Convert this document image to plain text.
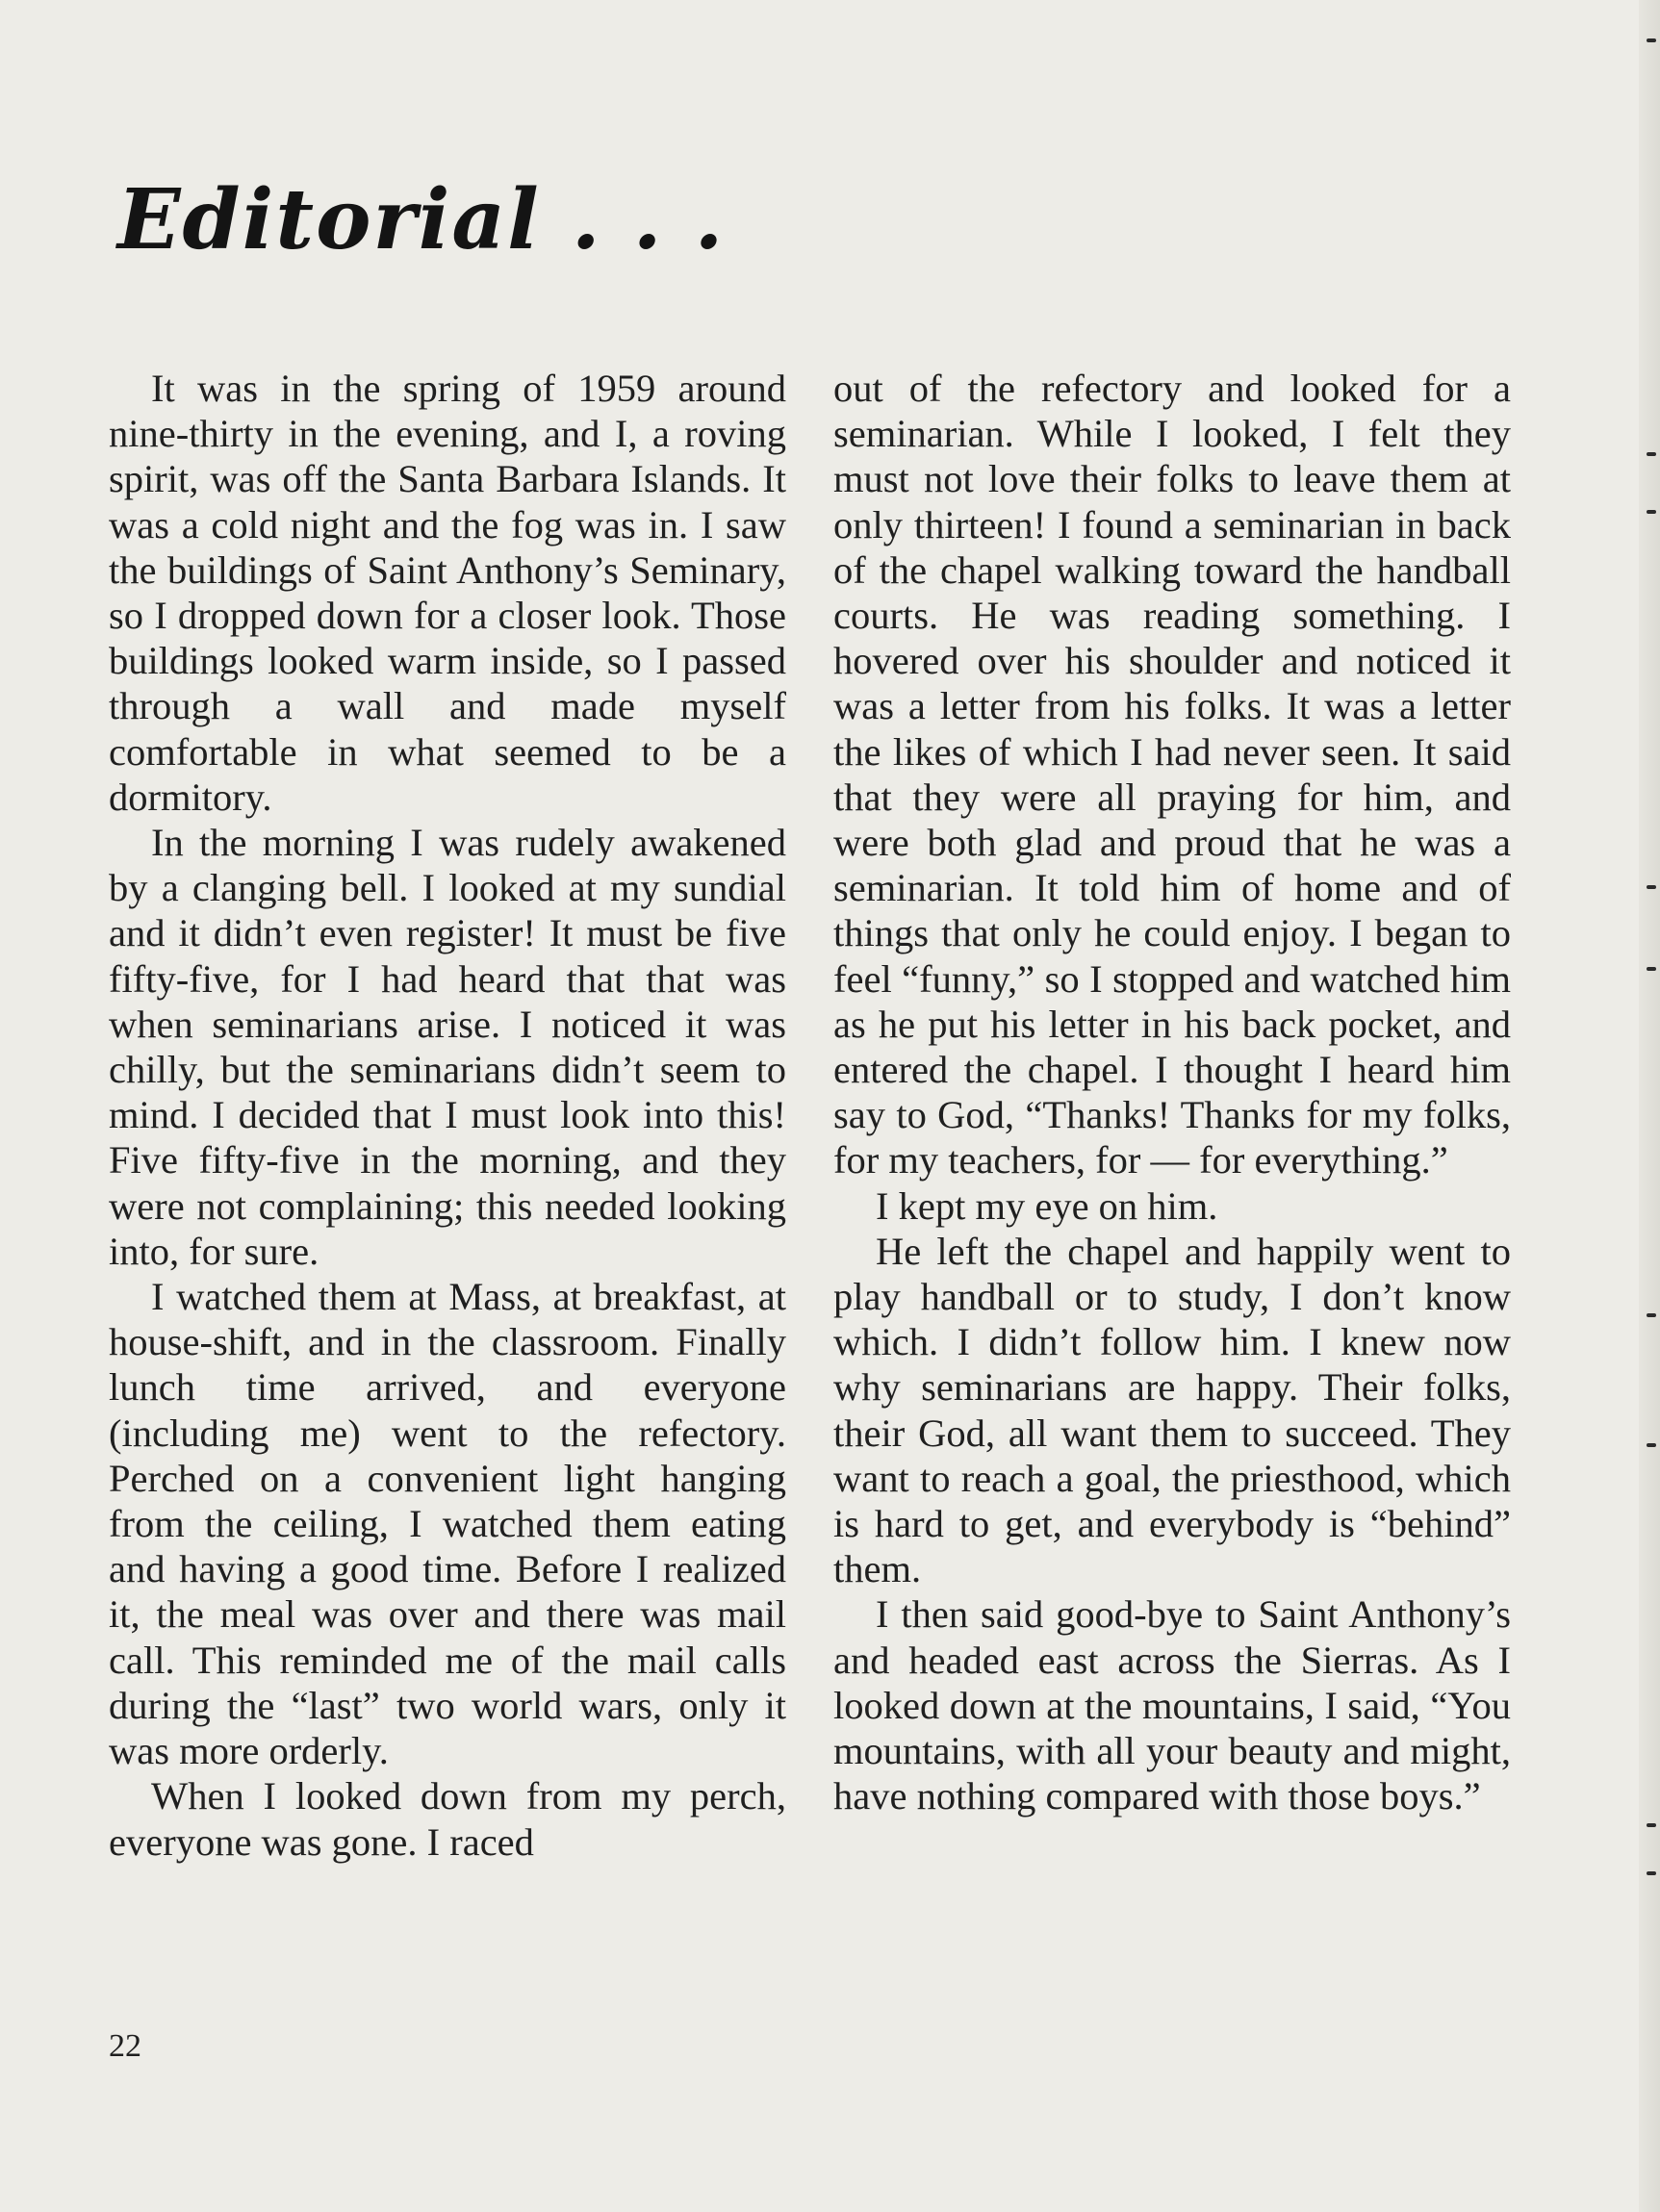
Editorial . . .

It was in the spring of 1959 around nine-thirty in the evening, and I, a roving spirit, was off the Santa Barbara Islands. It was a cold night and the fog was in. I saw the buildings of Saint Anthony’s Seminary, so I dropped down for a closer look. Those buildings looked warm inside, so I passed through a wall and made myself comfortable in what seemed to be a dormitory.

In the morning I was rudely awakened by a clanging bell. I looked at my sundial and it didn’t even register! It must be five fifty-five, for I had heard that that was when seminarians arise. I noticed it was chilly, but the seminarians didn’t seem to mind. I decided that I must look into this! Five fifty-five in the morning, and they were not complaining; this needed looking into, for sure.

I watched them at Mass, at breakfast, at house-shift, and in the classroom. Finally lunch time arrived, and everyone (including me) went to the refectory. Perched on a convenient light hanging from the ceiling, I watched them eating and having a good time. Before I realized it, the meal was over and there was mail call. This reminded me of the mail calls during the “last” two world wars, only it was more orderly.

When I looked down from my perch, everyone was gone. I raced

out of the refectory and looked for a seminarian. While I looked, I felt they must not love their folks to leave them at only thirteen! I found a seminarian in back of the chapel walking toward the handball courts. He was reading something. I hovered over his shoulder and noticed it was a letter from his folks. It was a letter the likes of which I had never seen. It said that they were all praying for him, and were both glad and proud that he was a seminarian. It told him of home and of things that only he could enjoy. I began to feel “funny,” so I stopped and watched him as he put his letter in his back pocket, and entered the chapel. I thought I heard him say to God, “Thanks! Thanks for my folks, for my teachers, for — for everything.”

I kept my eye on him.

He left the chapel and happily went to play handball or to study, I don’t know which. I didn’t follow him. I knew now why seminarians are happy. Their folks, their God, all want them to succeed. They want to reach a goal, the priesthood, which is hard to get, and everybody is “behind” them.

I then said good-bye to Saint Anthony’s and headed east across the Sierras. As I looked down at the mountains, I said, “You mountains, with all your beauty and might, have nothing compared with those boys.”

22
